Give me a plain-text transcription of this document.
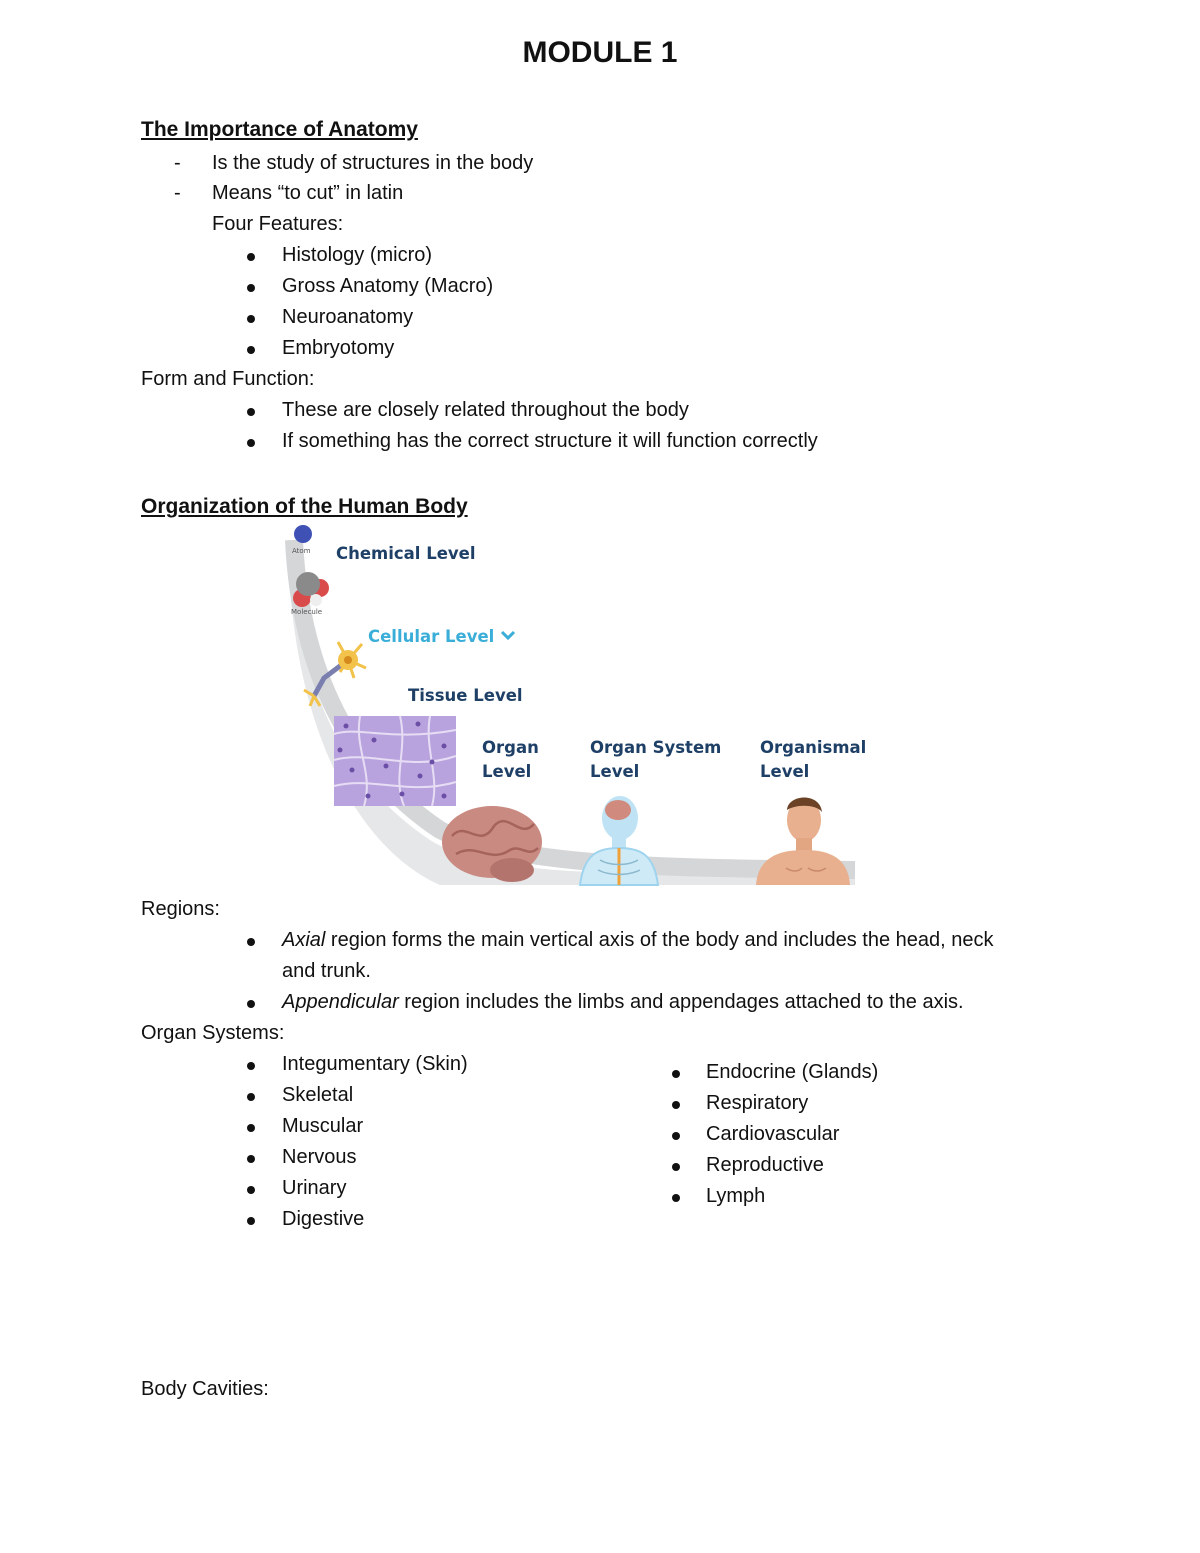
MODULE 1
The Importance of Anatomy
- Is the study of structures in the body
- Means “to cut” in latin
Four Features:
Histology (micro)
Gross Anatomy (Macro)
Neuroanatomy
Embryotomy
Form and Function:
These are closely related throughout the body
If something has the correct structure it will function correctly
Organization of the Human Body
Atom
Molecule
Chemical Level
Cellular Level
Tissue Level
Organ
Level
Organ System
Level
Organismal
Level
Regions:
Axial region forms the main vertical axis of the body and includes the head, neck
and trunk.
Appendicular region includes the limbs and appendages attached to the axis.
Organ Systems:
Integumentary (Skin)
Skeletal
Muscular
Nervous
Urinary
Digestive
Endocrine (Glands)
Respiratory
Cardiovascular
Reproductive
Lymph
Body Cavities:
